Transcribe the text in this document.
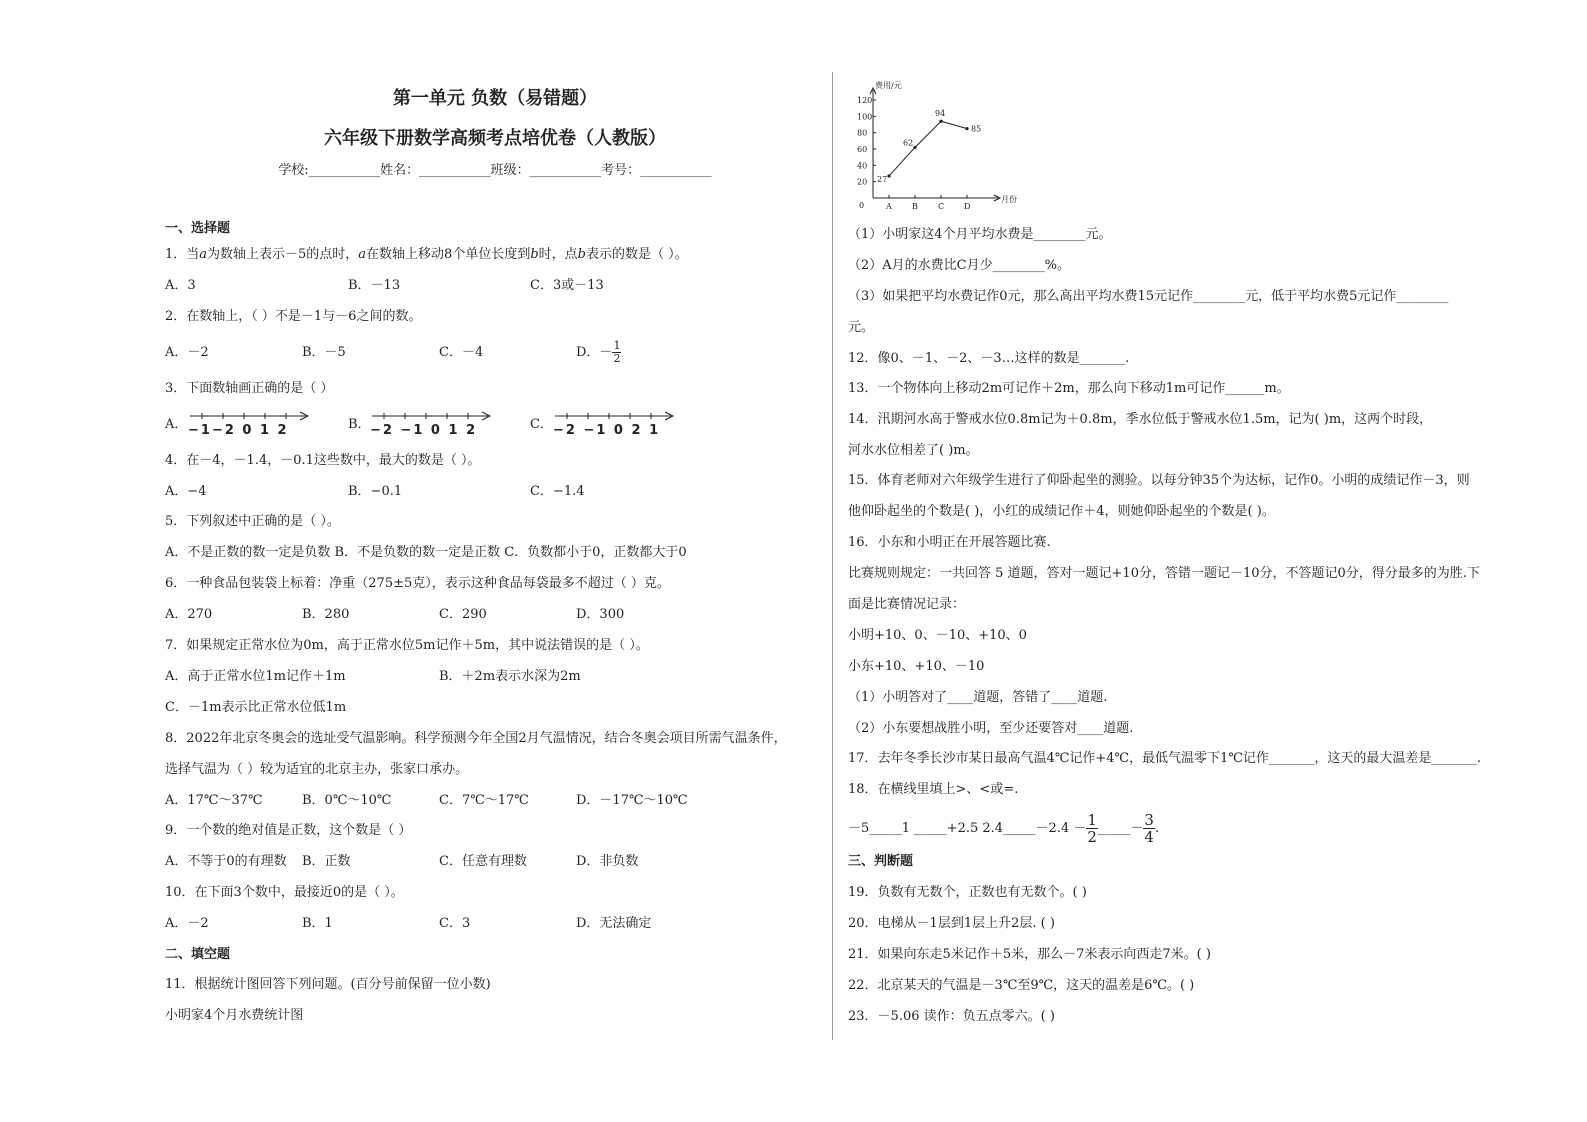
第一单元 负数（易错题）
六年级下册数学高频考点培优卷（人教版）
学校:___________姓名：___________班级：___________考号：___________
一、选择题
1．当𝑎为数轴上表示－5的点时，𝑎在数轴上移动8个单位长度到𝑏时，点𝑏表示的数是（ ）。
A．3	B．－13	C．3或－13
2．在数轴上，（ ）不是－1与－6之间的数。
A．－2	B．－5	C．－4	D．－ $\frac{1}{2}$
3．下面数轴画正确的是（ ）
A． −1−2 0 1 2	B． −2 −1 0 1 2	C． −2 −1 0 2 1
4．在－4，－1.4，－0.1这些数中，最大的数是（ ）。
A．−4	B．−0.1	C．−1.4
5．下列叙述中正确的是（ ）。
A．不是正数的数一定是负数 B．不是负数的数一定是正数 C．负数都小于0，正数都大于0
6．一种食品包装袋上标着：净重（275±5克），表示这种食品每袋最多不超过（ ）克。
A．270	B．280	C．290	D．300
7．如果规定正常水位为0m，高于正常水位5m记作＋5m，其中说法错误的是（ ）。
A．高于正常水位1m记作＋1m	B．＋2m表示水深为2m
C．－1m表示比正常水位低1m
8．2022年北京冬奥会的选址受气温影响。科学预测今年全国2月气温情况，结合冬奥会项目所需气温条件，
选择气温为（ ）较为适宜的北京主办，张家口承办。
A．17℃～37℃	B．0℃～10℃	C．7℃～17℃	D．－17℃～10℃
9．一个数的绝对值是正数，这个数是（ ）
A．不等于0的有理数 B．正数	C．任意有理数	D．非负数
10．在下面3个数中，最接近0的是（ ）。
A．－2	B．1	C．3	D．无法确定
二、填空题
11．根据统计图回答下列问题。(百分号前保留一位小数)
小明家4个月水费统计图
费用/元
月份
0
20
40
60
80
100
120
A	B	C D
27
62
94
85
（1）小明家这4个月平均水费是________元。
（2）A月的水费比C月少________%。
（3）如果把平均水费记作0元，那么高出平均水费15元记作________元，低于平均水费5元记作________
元。
12．像0、－1、－2、－3…这样的数是_______.
13．一个物体向上移动2m可记作＋2m，那么向下移动1m可记作______m。
14．汛期河水高于警戒水位0.8m记为＋0.8m，季水位低于警戒水位1.5m，记为( )m，这两个时段，
河水水位相差了( )m。
15．体育老师对六年级学生进行了仰卧起坐的测验。以每分钟35个为达标，记作0。小明的成绩记作－3，则
他仰卧起坐的个数是( )，小红的成绩记作＋4，则她仰卧起坐的个数是( )。
16．小东和小明正在开展答题比赛.
比赛规则规定：一共回答 5 道题，答对一题记+10分，答错一题记－10分，不答题记0分，得分最多的为胜.下
面是比赛情况记录：
小明+10、0、－10、+10、0
小东+10、+10、－10
（1）小明答对了____道题，答错了____道题.
（2）小东要想战胜小明，至少还要答对____道题.
17．去年冬季长沙市某日最高气温4℃记作+4℃，最低气温零下1℃记作_______，这天的最大温差是_______.
18．在横线里填上>、<或=.
－5_____1 _____+2.5 2.4_____－2.4 － $\frac{1}{2}$ _____－ $\frac{3}{4}$ .
三、判断题
19．负数有无数个，正数也有无数个。( )
20．电梯从－1层到1层上升2层. ( )
21．如果向东走5米记作＋5米，那么－7米表示向西走7米。( )
22．北京某天的气温是－3℃至9℃，这天的温差是6℃。( )
23．－5.06 读作：负五点零六。( )
